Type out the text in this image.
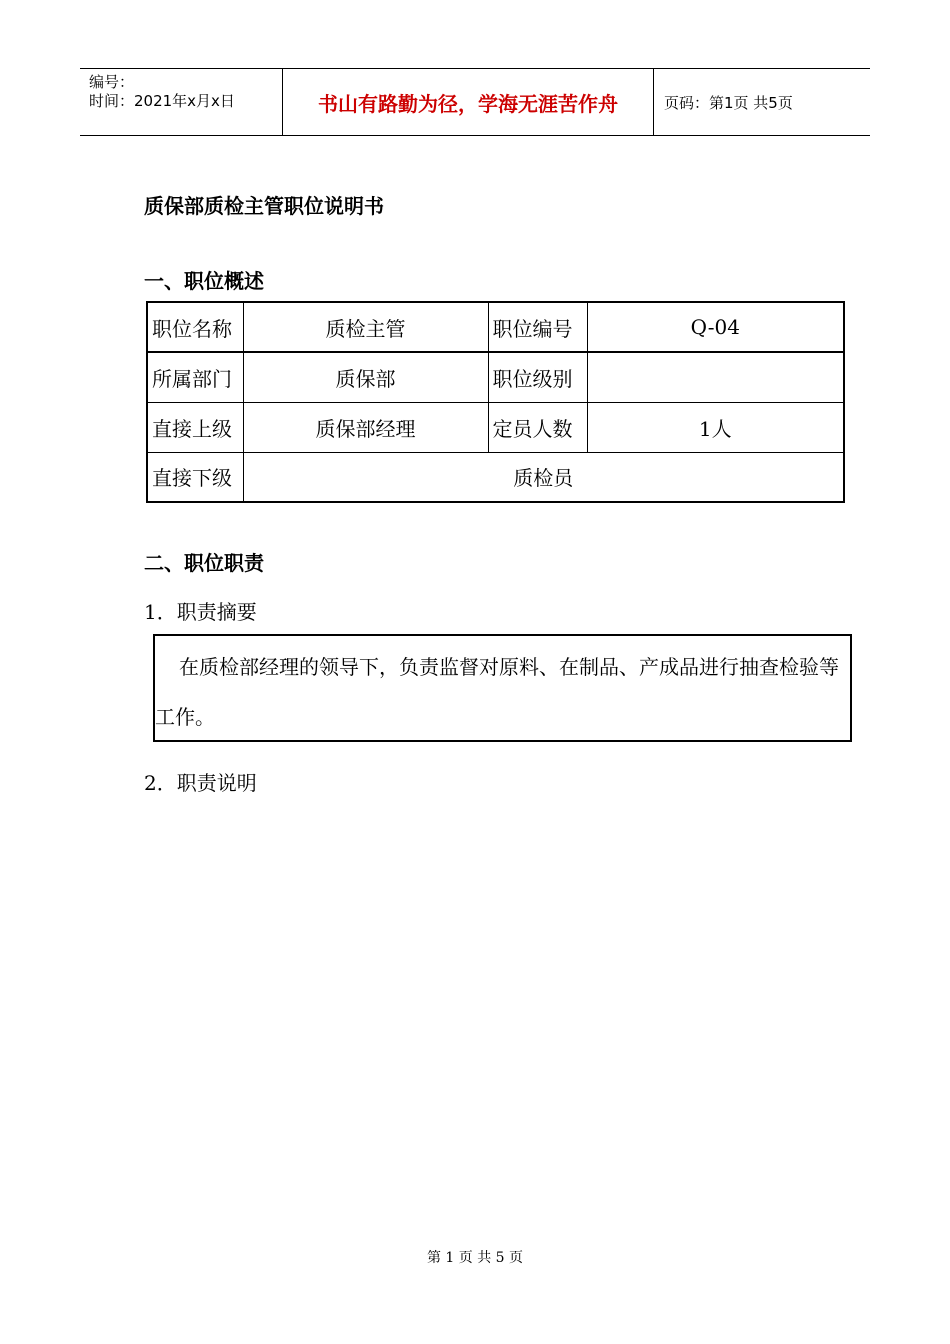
编号：
时间：2021年x月x日	书山有路勤为径，学海无涯苦作舟	页码：第1页 共5页
质保部质检主管职位说明书
一、职位概述
职位名称	质检主管	职位编号	Q-04
所属部门	质保部	职位级别	
直接上级	质保部经理	定员人数	1人
直接下级	质检员		
二、职位职责
1．职责摘要
在质检部经理的领导下，负责监督对原料、在制品、产成品进行抽查检验等工作。
2．职责说明
第 1 页 共 5 页
